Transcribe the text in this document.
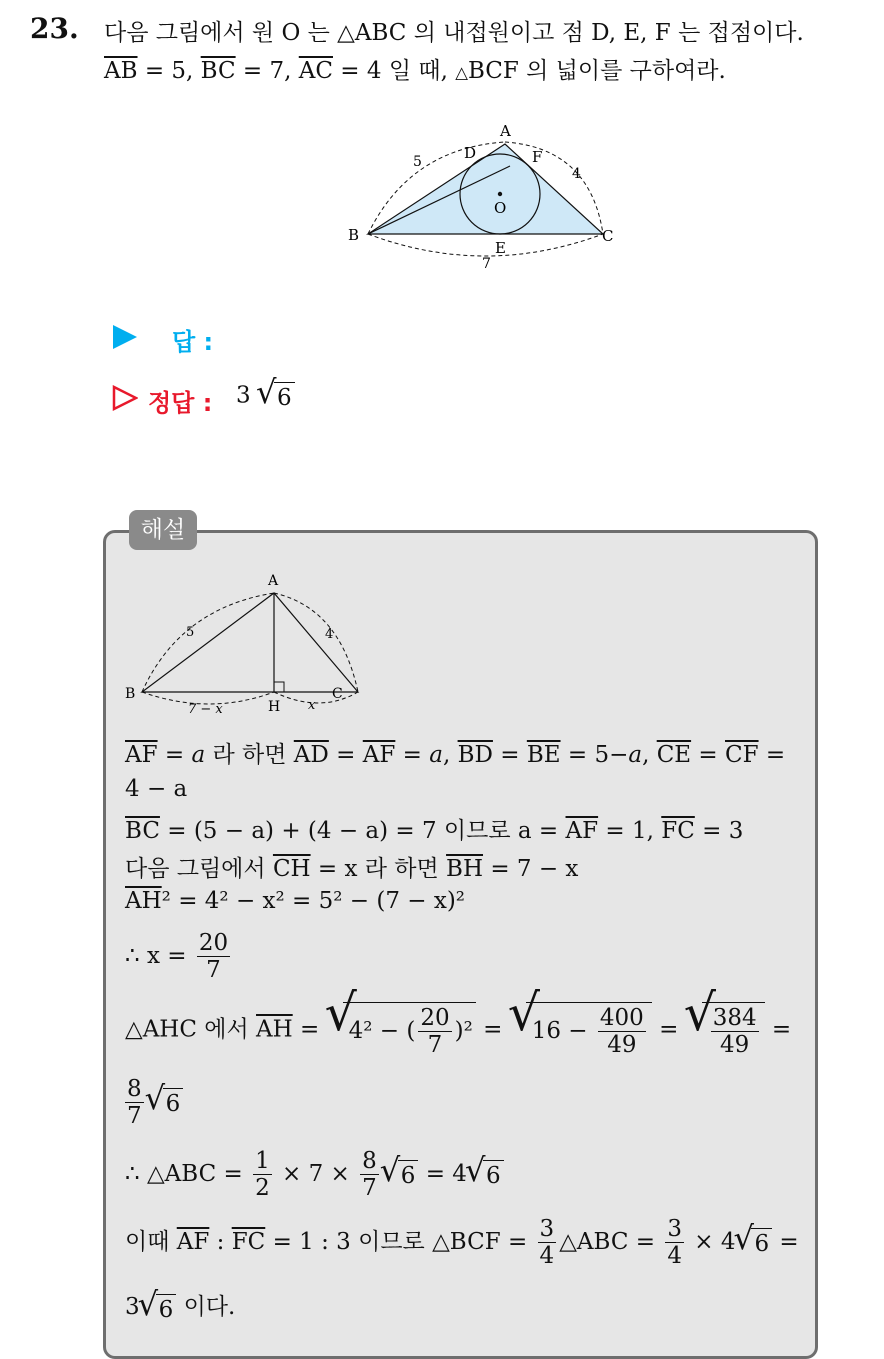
23. 다음 그림에서 원 O 는 △ABC 의 내접원이고 점 D, E, F 는 접점이다.
$\overline{AB} = 5$, $\overline{BC} = 7$, $\overline{AC} = 4$ 일 때, △BCF 의 넓이를 구하여라.
A
B	C
D
E
F
O
5
4
7
답 :
정답 : 3 √ 6
해설
A
B	C
H
5	4
7 − x	x
$\overline{AF} = a$ 라 하면 $\overline{AD} = \overline{AF} = a$, $\overline{BD} = \overline{BE} = 5-a$, $\overline{CE} = \overline{CF}$ =
4 − a
$\overline{BC} = (5 - a) + (4 - a) = 7$ 이므로 $a = \overline{AF} = 1$, $\overline{FC} = 3$
다음 그림에서 $\overline{CH} = x$ 라 하면 $\overline{BH} = 7 - x$
$\overline{AH}^2 = 4^2 - x^2 = 5^2 - (7 - x)^2$
∴ $x = \frac{20}{7}$
△AHC 에서 $\overline{AH}$ =
√
4² − ( $\frac{20}{7} )^2$ =
√
$16 - \frac{400}{49}$ =
√
$\frac{384}{49}$ =
$\frac{8}{7}$ √ 6
∴ △ABC = $\frac{1}{2} \times 7 \times \frac{8}{7}$ √ 6 = 4
√ 6
이때 $\overline{AF}$ : $\overline{FC} = 1$ : 3 이므로 △BCF = $\frac{3}{4}$ △ABC = $\frac{3}{4} \times 4$
√ 6 =
3
√ 6 이다.
